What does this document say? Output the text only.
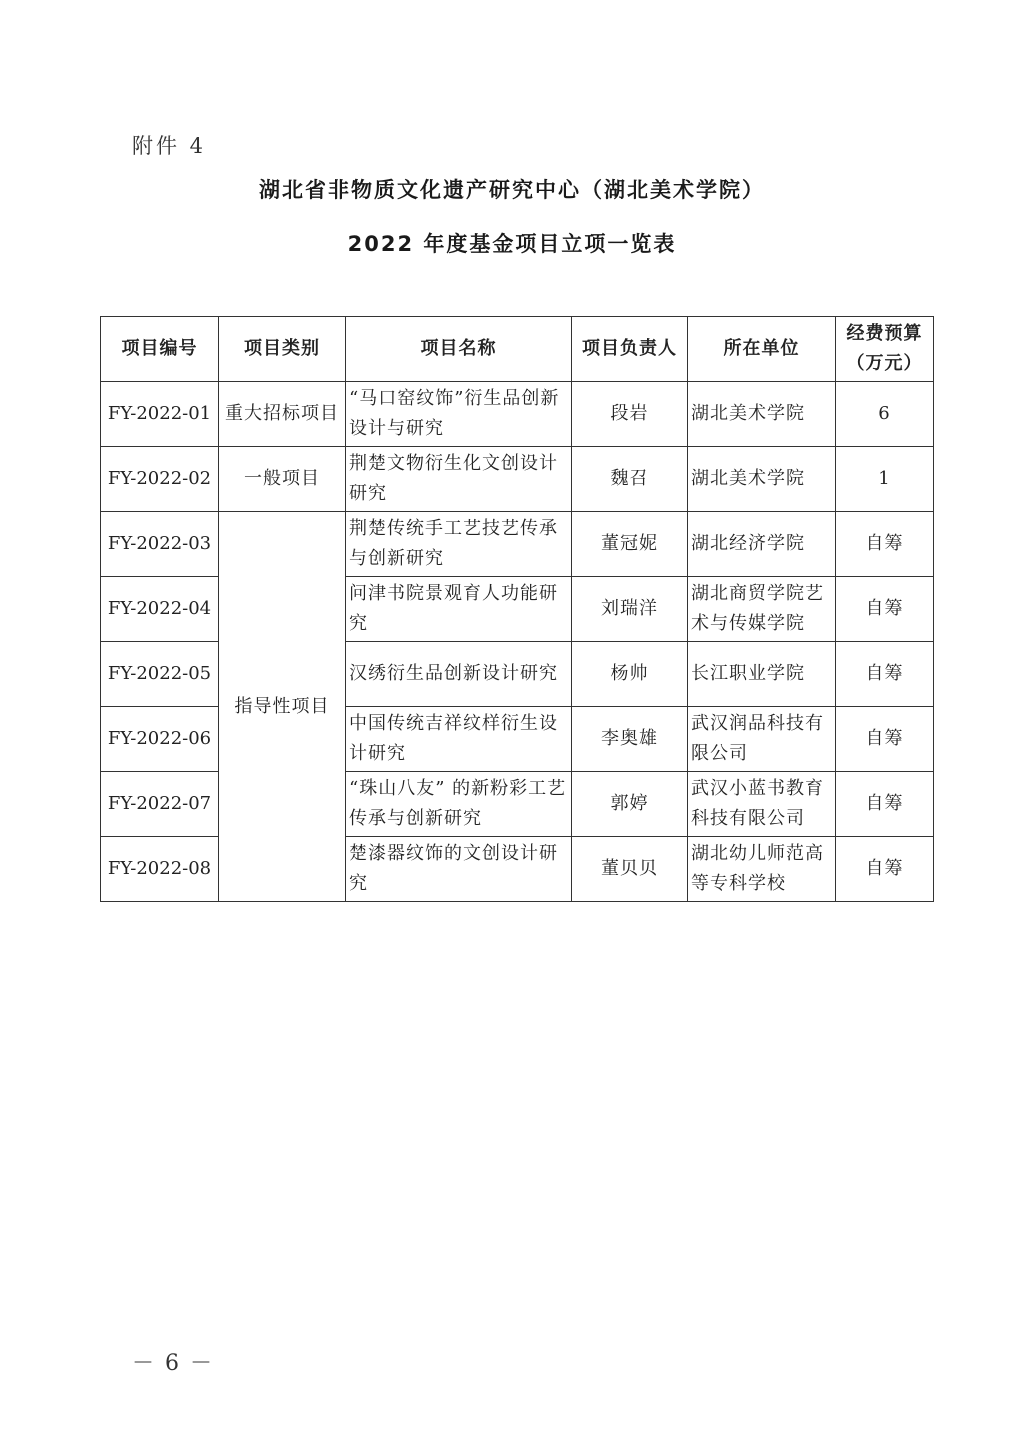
附件 4
湖北省非物质文化遗产研究中心（湖北美术学院）
2022 年度基金项目立项一览表
项目编号	项目类别	项目名称	项目负责人	所在单位	经费预算
（万元）

FY-2022-01	重大招标项目	“马口窑纹饰”衍生品创新设计与研究	段岩	湖北美术学院	6
FY-2022-02	一般项目	荆楚文物衍生化文创设计研究	魏召	湖北美术学院	1
FY-2022-03	指导性项目	荆楚传统手工艺技艺传承与创新研究	董冠妮	湖北经济学院	自筹
FY-2022-04		问津书院景观育人功能研究	刘瑞洋	湖北商贸学院艺术与传媒学院	自筹
FY-2022-05		汉绣衍生品创新设计研究	杨帅	长江职业学院	自筹
FY-2022-06		中国传统吉祥纹样衍生设计研究	李奥雄	武汉润品科技有限公司	自筹
FY-2022-07		“珠山八友” 的新粉彩工艺传承与创新研究	郭婷	武汉小蓝书教育科技有限公司	自筹
FY-2022-08		楚漆器纹饰的文创设计研究	董贝贝	湖北幼儿师范高等专科学校	自筹
－ 6 －
